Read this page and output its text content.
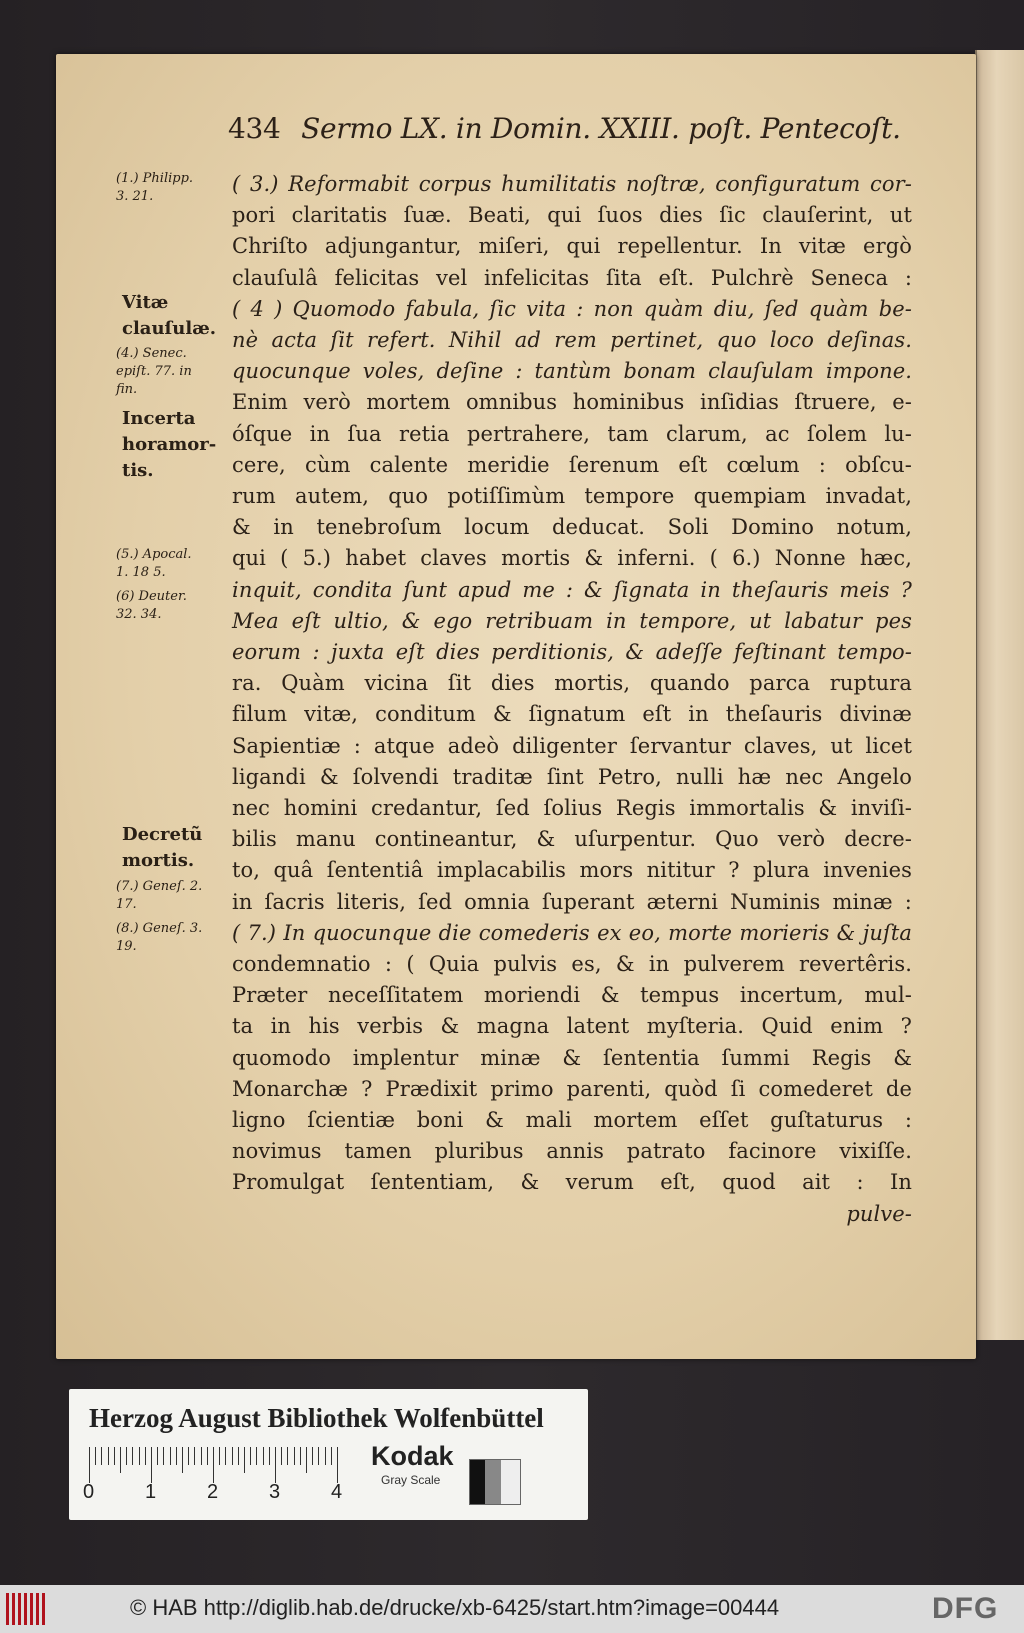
434 Sermo LX. in Domin. XXIII. poſt. Pentecoſt.
(1.) Philipp.
3. 21.
Vitæ
clauſulæ.
(4.) Senec.
epiſt. 77. in
fin.
Incerta
horamor-
tis.
(5.) Apocal.
1. 18 5.
(6) Deuter.
32. 34.
Decretũ
mortis.
(7.) Geneſ. 2.
17.
(8.) Geneſ. 3.
19.
( 3.) Reformabit corpus humilitatis noſtræ, configuratum cor-
pori claritatis ſuæ. Beati, qui ſuos dies ſic clauſerint, ut
Chriſto adjungantur, miſeri, qui repellentur. In vitæ ergò
clauſulâ felicitas vel infelicitas ſita eſt. Pulchrè Seneca :
( 4 ) Quomodo fabula, ſic vita : non quàm diu, ſed quàm be-
nè acta ſit refert. Nihil ad rem pertinet, quo loco deſinas.
quocunque voles, deſine : tantùm bonam clauſulam impone.
Enim verò mortem omnibus hominibus inſidias ſtruere, e-
óſque in ſua retia pertrahere, tam clarum, ac ſolem lu-
cere, cùm calente meridie ſerenum eſt cœlum : obſcu-
rum autem, quo potiſſimùm tempore quempiam invadat,
& in tenebroſum locum deducat. Soli Domino notum,
qui ( 5.) habet claves mortis & inferni. ( 6.) Nonne hæc,
inquit, condita ſunt apud me : & ſignata in theſauris meis ?
Mea eſt ultio, & ego retribuam in tempore, ut labatur pes
eorum : juxta eſt dies perditionis, & adeſſe feſtinant tempo-
ra. Quàm vicina ſit dies mortis, quando parca ruptura
filum vitæ, conditum & ſignatum eſt in theſauris divinæ
Sapientiæ : atque adeò diligenter ſervantur claves, ut licet
ligandi & ſolvendi traditæ ſint Petro, nulli hæ nec Angelo
nec homini credantur, ſed ſolius Regis immortalis & inviſi-
bilis manu contineantur, & uſurpentur. Quo verò decre-
to, quâ ſententiâ implacabilis mors nititur ? plura invenies
in ſacris literis, ſed omnia ſuperant æterni Numinis minæ :
( 7.) In quocunque die comederis ex eo, morte morieris & juſta
condemnatio : ( Quia pulvis es, & in pulverem revertêris.
Præter neceſſitatem moriendi & tempus incertum, mul-
ta in his verbis & magna latent myſteria. Quid enim ?
quomodo implentur minæ & ſententia ſummi Regis &
Monarchæ ? Prædixit primo parenti, quòd ſi comederet de
ligno ſcientiæ boni & mali mortem eſſet guſtaturus :
novimus tamen pluribus annis patrato facinore vixiſſe.
Promulgat ſententiam, & verum eſt, quod ait : In
pulve-
Herzog August Bibliothek Wolfenbüttel
0	1	2	3	4
Kodak
Gray Scale
© HAB http://diglib.hab.de/drucke/xb-6425/start.htm?image=00444	DFG
